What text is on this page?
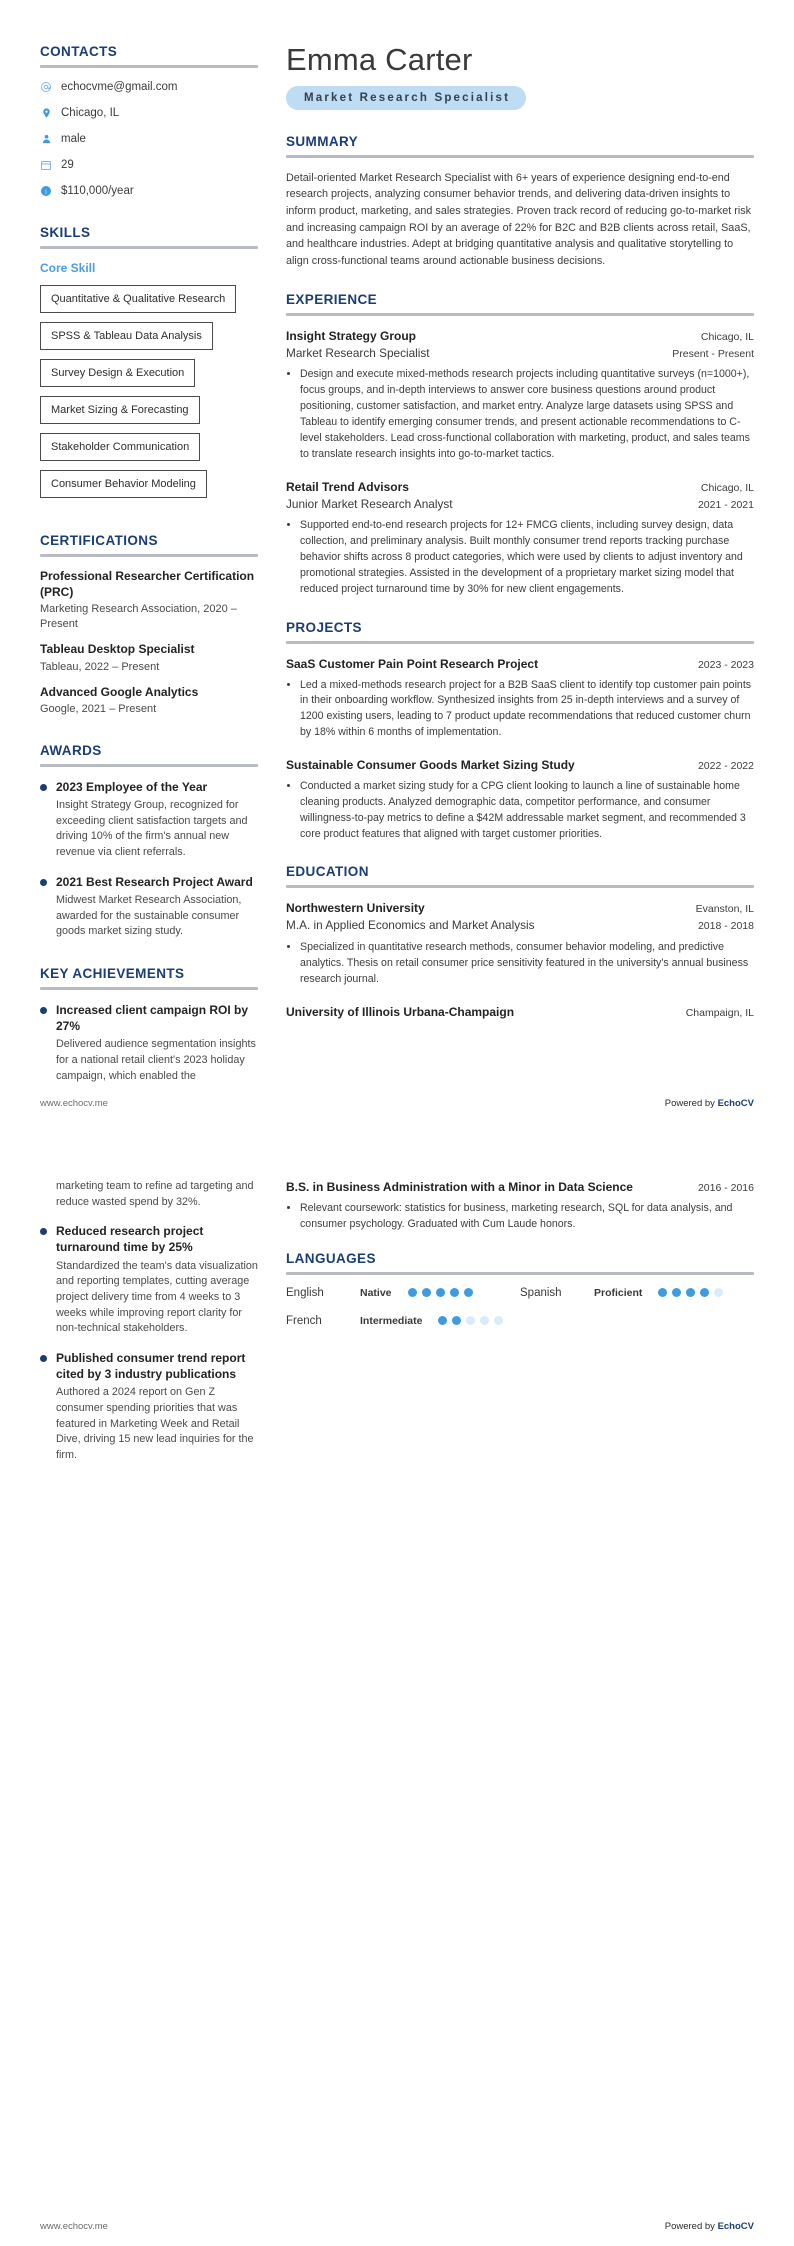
CONTACTS
echocvme@gmail.com
Chicago, IL
male
29
i $110,000/year
SKILLS
Core Skill
Quantitative & Qualitative Research
SPSS & Tableau Data Analysis
Survey Design & Execution
Market Sizing & Forecasting
Stakeholder Communication
Consumer Behavior Modeling
CERTIFICATIONS
Professional Researcher Certification (PRC)
Marketing Research Association, 2020 – Present
Tableau Desktop Specialist
Tableau, 2022 – Present
Advanced Google Analytics
Google, 2021 – Present
AWARDS
2023 Employee of the Year
Insight Strategy Group, recognized for exceeding client satisfaction targets and driving 10% of the firm's annual new revenue via client referrals.
2021 Best Research Project Award
Midwest Market Research Association, awarded for the sustainable consumer goods market sizing study.
KEY ACHIEVEMENTS
Increased client campaign ROI by 27%
Delivered audience segmentation insights for a national retail client's 2023 holiday campaign, which enabled the
Emma Carter
Market Research Specialist
SUMMARY
Detail-oriented Market Research Specialist with 6+ years of experience designing end-to-end research projects, analyzing consumer behavior trends, and delivering data-driven insights to inform product, marketing, and sales strategies. Proven track record of reducing go-to-market risk and increasing campaign ROI by an average of 22% for B2C and B2B clients across retail, SaaS, and healthcare industries. Adept at bridging quantitative analysis and qualitative storytelling to align cross-functional teams around actionable business decisions.
EXPERIENCE
Insight Strategy Group	Chicago, IL
Market Research Specialist	Present - Present
• Design and execute mixed-methods research projects including quantitative surveys (n=1000+), focus groups, and in-depth interviews to answer core business questions around product positioning, customer satisfaction, and market entry. Analyze large datasets using SPSS and Tableau to identify emerging consumer trends, and present actionable recommendations to C-level stakeholders. Lead cross-functional collaboration with marketing, product, and sales teams to translate research insights into go-to-market tactics.
Retail Trend Advisors	Chicago, IL
Junior Market Research Analyst	2021 - 2021
• Supported end-to-end research projects for 12+ FMCG clients, including survey design, data collection, and preliminary analysis. Built monthly consumer trend reports tracking purchase behavior shifts across 8 product categories, which were used by clients to adjust inventory and promotional strategies. Assisted in the development of a proprietary market sizing model that reduced project turnaround time by 30% for new client engagements.
PROJECTS
SaaS Customer Pain Point Research Project	2023 - 2023
• Led a mixed-methods research project for a B2B SaaS client to identify top customer pain points in their onboarding workflow. Synthesized insights from 25 in-depth interviews and a survey of 1200 existing users, leading to 7 product update recommendations that reduced customer churn by 18% within 6 months of implementation.
Sustainable Consumer Goods Market Sizing Study	2022 - 2022
• Conducted a market sizing study for a CPG client looking to launch a line of sustainable home cleaning products. Analyzed demographic data, competitor performance, and consumer willingness-to-pay metrics to define a $42M addressable market segment, and recommended 3 core product features that aligned with target customer priorities.
EDUCATION
Northwestern University	Evanston, IL
M.A. in Applied Economics and Market Analysis	2018 - 2018
• Specialized in quantitative research methods, consumer behavior modeling, and predictive analytics. Thesis on retail consumer price sensitivity featured in the university's annual business research journal.
University of Illinois Urbana-Champaign	Champaign, IL
www.echocv.me	Powered by EchoCV
marketing team to refine ad targeting and reduce wasted spend by 32%.
Reduced research project turnaround time by 25%
Standardized the team's data visualization and reporting templates, cutting average project delivery time from 4 weeks to 3 weeks while improving report clarity for non-technical stakeholders.
Published consumer trend report cited by 3 industry publications
Authored a 2024 report on Gen Z consumer spending priorities that was featured in Marketing Week and Retail Dive, driving 15 new lead inquiries for the firm.
B.S. in Business Administration with a Minor in Data Science	2016 - 2016
• Relevant coursework: statistics for business, marketing research, SQL for data analysis, and consumer psychology. Graduated with Cum Laude honors.
LANGUAGES
English	Native	Spanish	Proficient
French	Intermediate
www.echocv.me	Powered by EchoCV
